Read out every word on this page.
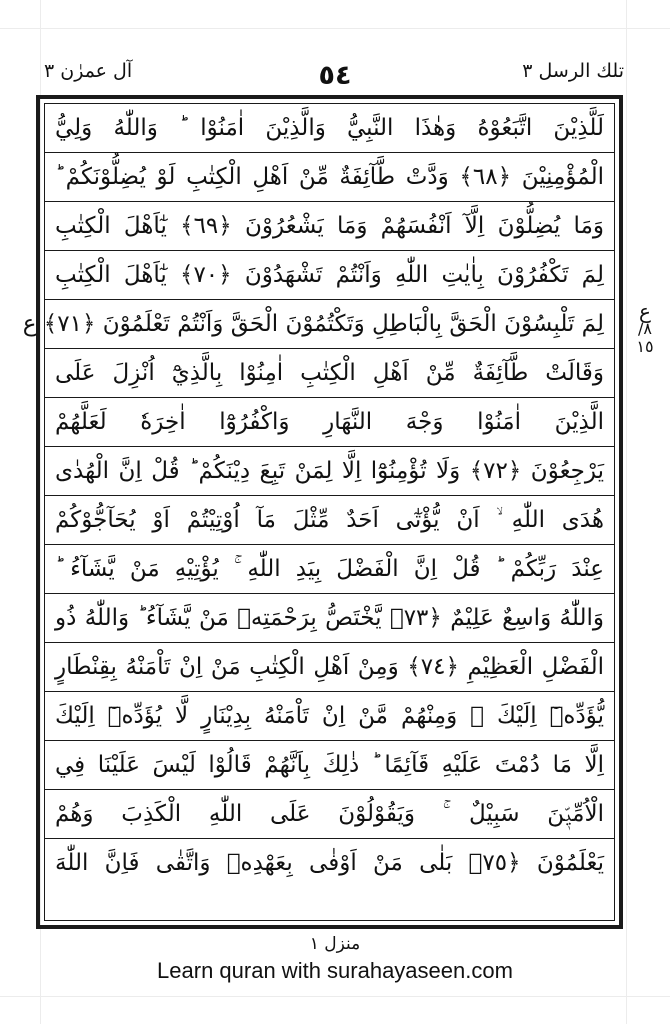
آل عمرٰن ٣	٥٤	تلك الرسل ٣
لَلَّذِيْنَ اتَّبَعُوْهُ وَهٰذَا النَّبِيُّ وَالَّذِيْنَ اٰمَنُوْا ؕ وَاللّٰهُ وَلِيُّ
الْمُؤْمِنِيْنَ ﴿٦٨﴾ وَدَّتْ طَّآئِفَةٌ مِّنْ اَهْلِ الْكِتٰبِ لَوْ يُضِلُّوْنَكُمْ ؕ
وَمَا يُضِلُّوْنَ اِلَّآ اَنْفُسَهُمْ وَمَا يَشْعُرُوْنَ ﴿٦٩﴾ يٰٓاَهْلَ الْكِتٰبِ
لِمَ تَكْفُرُوْنَ بِاٰيٰتِ اللّٰهِ وَاَنْتُمْ تَشْهَدُوْنَ ﴿٧٠﴾ يٰٓاَهْلَ الْكِتٰبِ
لِمَ تَلْبِسُوْنَ الْحَقَّ بِالْبَاطِلِ وَتَكْتُمُوْنَ الْحَقَّ وَاَنْتُمْ تَعْلَمُوْنَ ﴿٧١﴾ ع
وَقَالَتْ طَّآئِفَةٌ مِّنْ اَهْلِ الْكِتٰبِ اٰمِنُوْا بِالَّذِيْٓ اُنْزِلَ عَلَى
الَّذِيْنَ اٰمَنُوْا وَجْهَ النَّهَارِ وَاكْفُرُوْٓا اٰخِرَهٗ لَعَلَّهُمْ
يَرْجِعُوْنَ ﴿٧٢﴾ وَلَا تُؤْمِنُوْٓا اِلَّا لِمَنْ تَبِعَ دِيْنَكُمْ ؕ قُلْ اِنَّ الْهُدٰى
هُدَى اللّٰهِ ۙ اَنْ يُّؤْتٰٓى اَحَدٌ مِّثْلَ مَآ اُوْتِيْتُمْ اَوْ يُحَآجُّوْكُمْ
عِنْدَ رَبِّكُمْ ؕ قُلْ اِنَّ الْفَضْلَ بِيَدِ اللّٰهِ ۚ يُؤْتِيْهِ مَنْ يَّشَآءُ ؕ
وَاللّٰهُ وَاسِعٌ عَلِيْمٌ ﴿٧٣﴾ يَّخْتَصُّ بِرَحْمَتِهٖ مَنْ يَّشَآءُ ؕ وَاللّٰهُ ذُو
الْفَضْلِ الْعَظِيْمِ ﴿٧٤﴾ وَمِنْ اَهْلِ الْكِتٰبِ مَنْ اِنْ تَاْمَنْهُ بِقِنْطَارٍ
يُّؤَدِّهٖٓ اِلَيْكَ ۚ وَمِنْهُمْ مَّنْ اِنْ تَاْمَنْهُ بِدِيْنَارٍ لَّا يُؤَدِّهٖٓ اِلَيْكَ
اِلَّا مَا دُمْتَ عَلَيْهِ قَآئِمًا ؕ ذٰلِكَ بِاَنَّهُمْ قَالُوْا لَيْسَ عَلَيْنَا فِي
الْاُمِّيّٖنَ سَبِيْلٌ ۚ وَيَقُوْلُوْنَ عَلَى اللّٰهِ الْكَذِبَ وَهُمْ
يَعْلَمُوْنَ ﴿٧٥﴾ بَلٰى مَنْ اَوْفٰى بِعَهْدِهٖ وَاتَّقٰى فَاِنَّ اللّٰهَ
ع
٨/ ١٥
منزل ١
Learn quran with surahayaseen.com
